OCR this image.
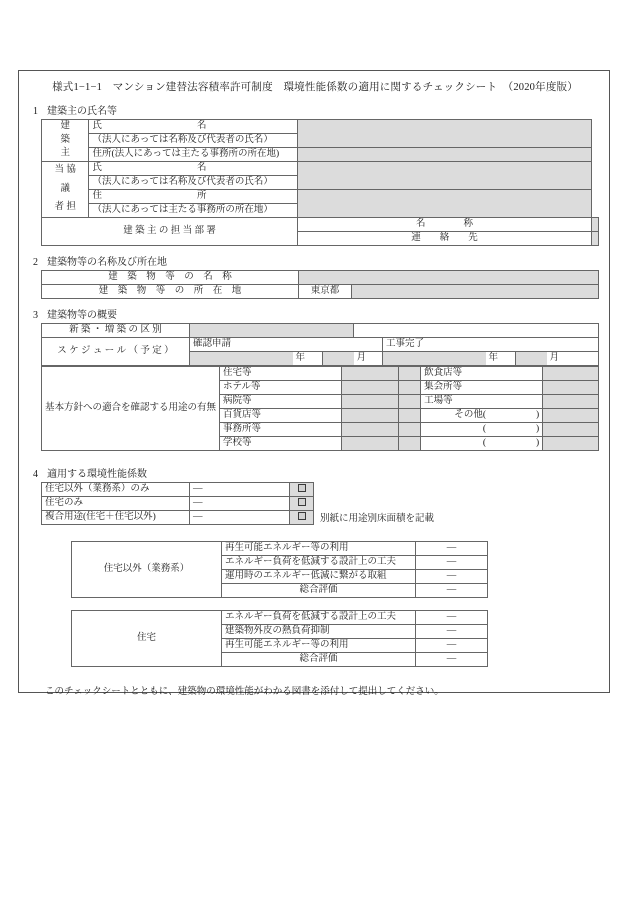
様式1−1−1　マンション建替法容積率許可制度　環境性能係数の適用に関するチェックシート　（2020年度版）
1 建築主の氏名等
建
築
主	氏　　　　　　　　　　名		
	（法人にあっては名称及び代表者の氏名）		
	住所(法人にあっては主たる事務所の所在地)		

当 協
議
者 担	氏　　　　　　　　　　名		
	（法人にあっては名称及び代表者の氏名）		
	住　　　　　　　　　　所		
	（法人にあっては主たる事務所の所在地）		
建 築 主 の 担 当 部 署		名　　　　称	
		連　　絡　　先	
2 建築物等の名称及び所在地
建　築　物　等　の　名　称		
建　築　物　等　の　所　在　地	東京都	
3 建築物等の概要
新 築 ・ 増 築 の 区 別								
ス ケ ジ ュ ー ル （ 予 定 ）	確認申請				工事完了			
		年		月		年		月
基本方針への適合を確認する用途の有無	住宅等			飲食店等	
	ホテル等			集会所等	
	病院等			工場等	
	百貨店等			その他( )	

	事務所等			( )	

	学校等			( )	

4 適用する環境性能係数
住宅以外（業務系）のみ	—	
住宅のみ	—	
複合用途(住宅＋住宅以外)	—		別紙に用途別床面積を記載
住宅以外（業務系）	再生可能エネルギー等の利用	—
	エネルギー負荷を低減する設計上の工夫	—
	運用時のエネルギー低減に繋がる取組	—
	総合評価	—
住宅	エネルギー負荷を低減する設計上の工夫	—
	建築物外皮の熱負荷抑制	—
	再生可能エネルギー等の利用	—
	総合評価	—
このチェックシートとともに、建築物の環境性能がわかる図書を添付して提出してください。
